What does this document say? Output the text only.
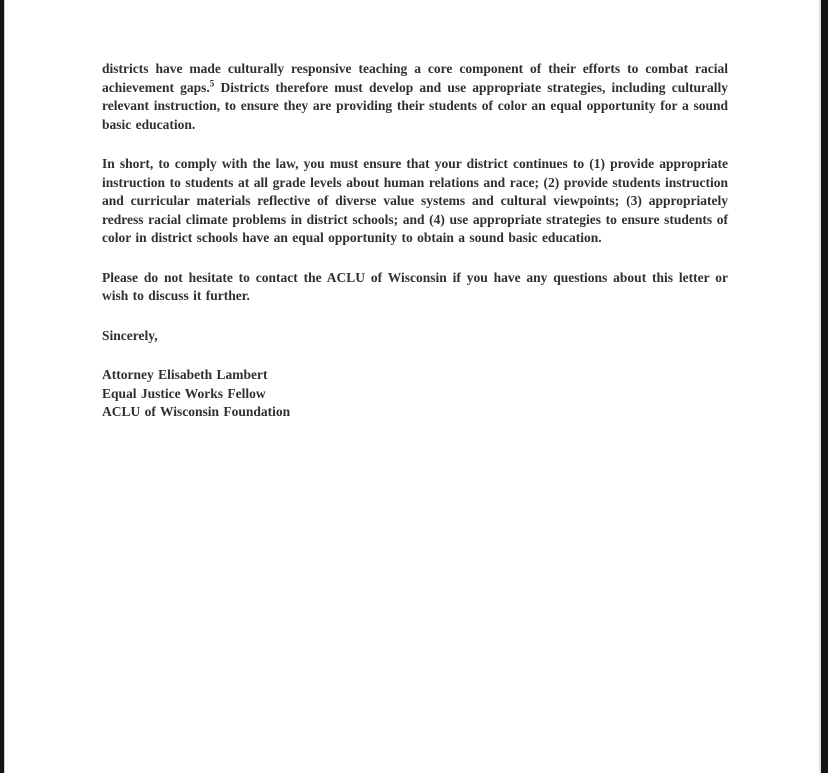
districts have made culturally responsive teaching a core component of their efforts to combat racial achievement gaps.$^5$ Districts therefore must develop and use appropriate strategies, including culturally relevant instruction, to ensure they are providing their students of color an equal opportunity for a sound basic education.

In short, to comply with the law, you must ensure that your district continues to (1) provide appropriate instruction to students at all grade levels about human relations and race; (2) provide students instruction and curricular materials reflective of diverse value systems and cultural viewpoints; (3) appropriately redress racial climate problems in district schools; and (4) use appropriate strategies to ensure students of color in district schools have an equal opportunity to obtain a sound basic education.

Please do not hesitate to contact the ACLU of Wisconsin if you have any questions about this letter or wish to discuss it further.

Sincerely,

Attorney Elisabeth Lambert
Equal Justice Works Fellow
ACLU of Wisconsin Foundation
